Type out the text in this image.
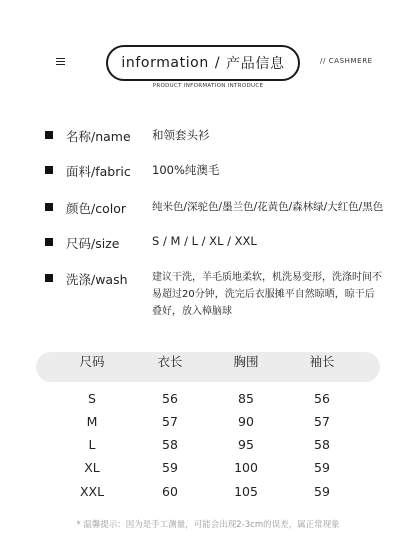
information / 产品信息	// CASHMERE
PRODUCT INFORMATION INTRODUCE
名称/name	和领套头衫
面料/fabric	100%纯澳毛
颜色/color	纯米色/深驼色/墨兰色/花黄色/森林绿/大红色/黑色
尺码/size	S / M / L / XL / XXL
洗涤/wash	建议干洗，羊毛质地柔软，机洗易变形，洗涤时间不易超过20分钟，洗完后衣服摊平自然晾晒，晾干后叠好，放入樟脑球
尺码	衣长	胸围	袖长
S	56	85	56
M	57	90	57
L	58	95	58
XL	59	100	59
XXL	60	105	59
* 温馨提示：因为是手工测量，可能会出现2-3cm的误差，属正常现象
